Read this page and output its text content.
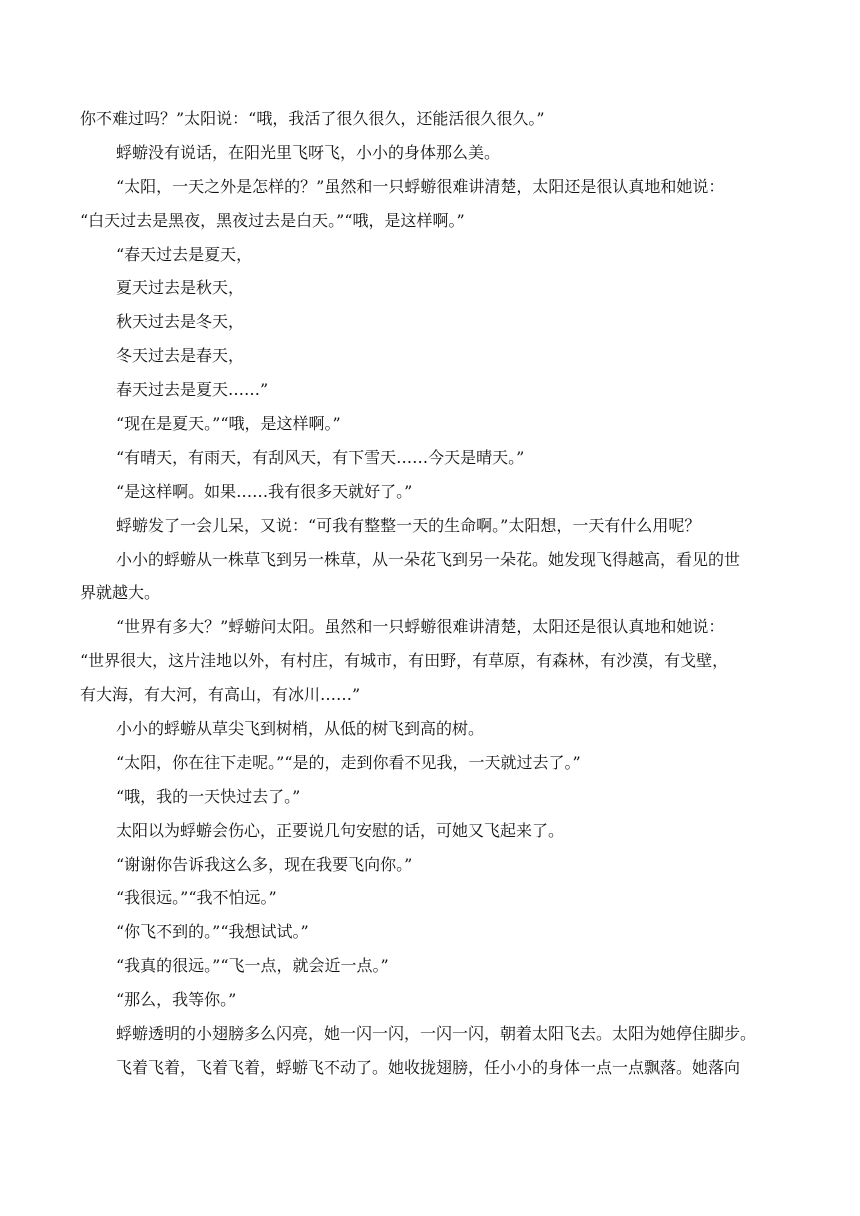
你不难过吗？”太阳说：“哦，我活了很久很久，还能活很久很久。”
蜉蝣没有说话，在阳光里飞呀飞，小小的身体那么美。
“太阳，一天之外是怎样的？”虽然和一只蜉蝣很难讲清楚，太阳还是很认真地和她说：
“白天过去是黑夜，黑夜过去是白天。”“哦，是这样啊。”
“春天过去是夏天，
夏天过去是秋天，
秋天过去是冬天，
冬天过去是春天，
春天过去是夏天……”
“现在是夏天。”“哦，是这样啊。”
“有晴天，有雨天，有刮风天，有下雪天……今天是晴天。”
“是这样啊。如果……我有很多天就好了。”
蜉蝣发了一会儿呆，又说：“可我有整整一天的生命啊。”太阳想，一天有什么用呢？
小小的蜉蝣从一株草飞到另一株草，从一朵花飞到另一朵花。她发现飞得越高，看见的世
界就越大。
“世界有多大？”蜉蝣问太阳。虽然和一只蜉蝣很难讲清楚，太阳还是很认真地和她说：
“世界很大，这片洼地以外，有村庄，有城市，有田野，有草原，有森林，有沙漠，有戈壁，
有大海，有大河，有高山，有冰川……”
小小的蜉蝣从草尖飞到树梢，从低的树飞到高的树。
“太阳，你在往下走呢。”“是的，走到你看不见我，一天就过去了。”
“哦，我的一天快过去了。”
太阳以为蜉蝣会伤心，正要说几句安慰的话，可她又飞起来了。
“谢谢你告诉我这么多，现在我要飞向你。”
“我很远。”“我不怕远。”
“你飞不到的。”“我想试试。”
“我真的很远。”“飞一点，就会近一点。”
“那么，我等你。”
蜉蝣透明的小翅膀多么闪亮，她一闪一闪，一闪一闪，朝着太阳飞去。太阳为她停住脚步。
飞着飞着，飞着飞着，蜉蝣飞不动了。她收拢翅膀，任小小的身体一点一点飘落。她落向
